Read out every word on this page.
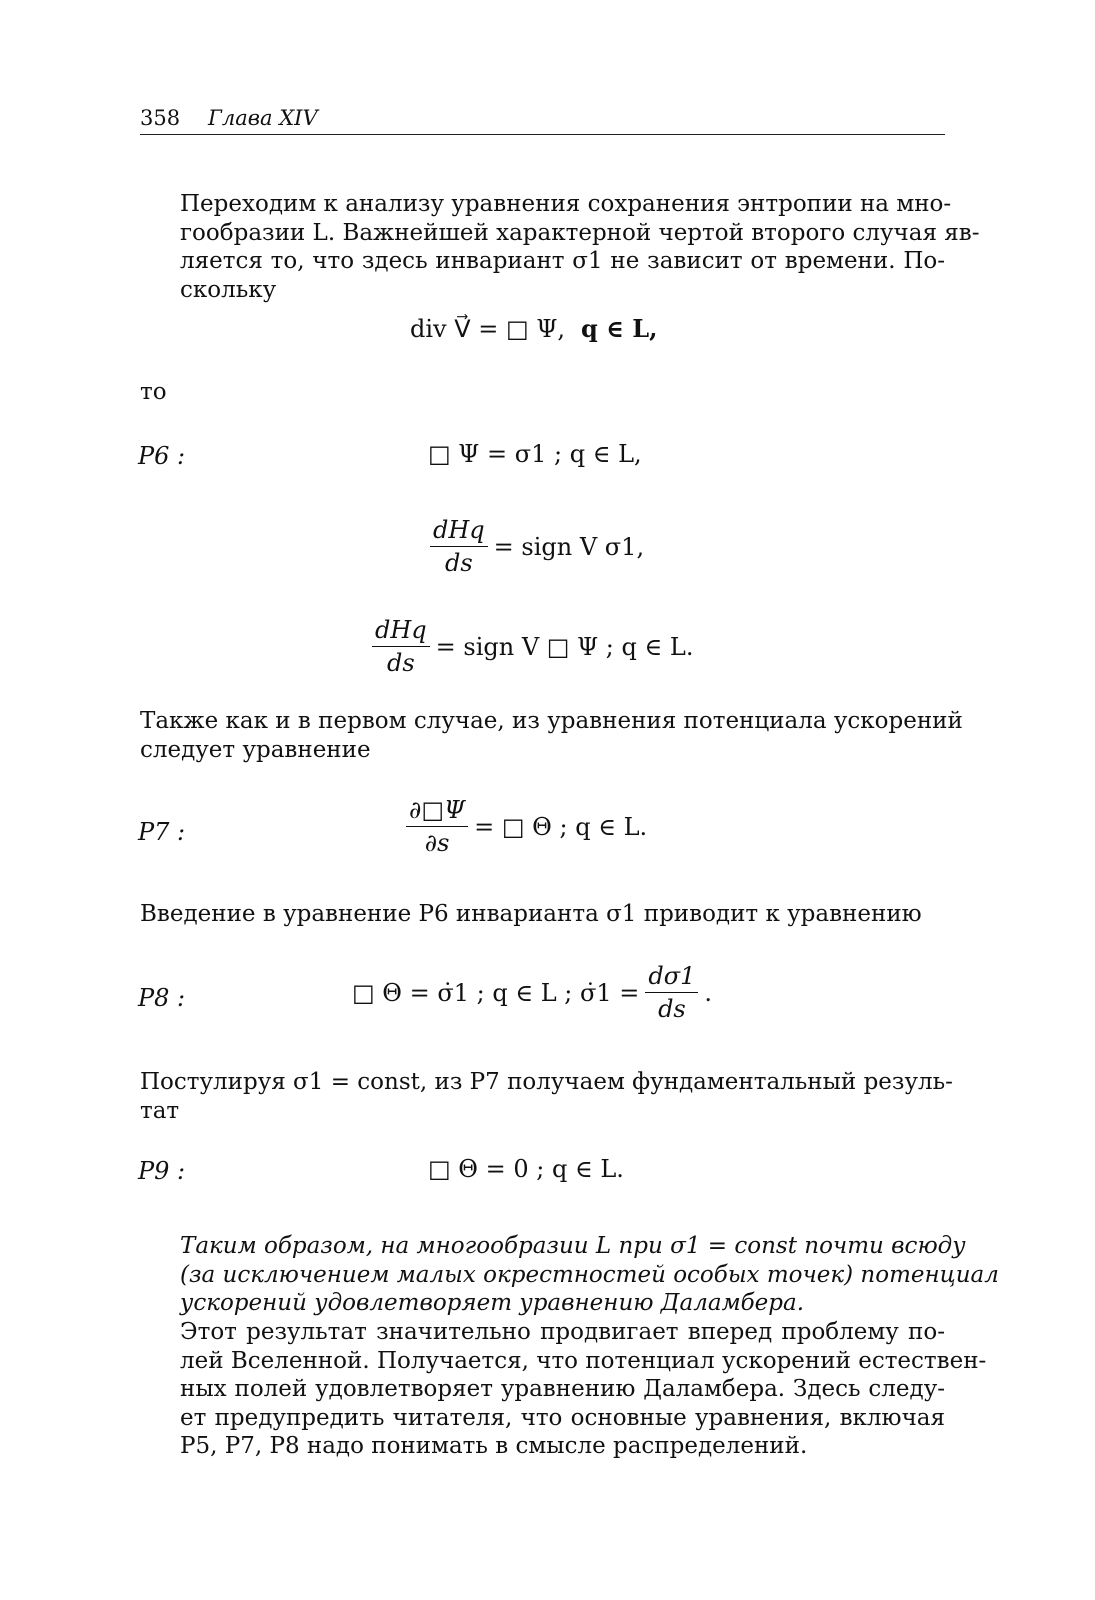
358 Глава XIV

Переходим к анализу уравнения сохранения энтропии на мно-
гообразии L. Важнейшей характерной чертой второго случая яв-
ляется то, что здесь инвариант σ1 не зависит от времени. По-
скольку

div V⃗ = □ Ψ, q ∈ L,
то
P6 :	□ Ψ = σ1 ; q ∈ L,
$\frac{\text{dHq}}{ds}$ = sign V σ1,
$\frac{\text{dHq}}{ds}$ = sign V □ Ψ ; q ∈ L.

Также как и в первом случае, из уравнения потенциала ускорений
следует уравнение

P7 :	$\frac{\partial□\Psi}{\partial s}$ = □ Θ ; q ∈ L.

Введение в уравнение P6 инварианта σ1 приводит к уравнению

P8 :	□ Θ = σ̇1 ; q ∈ L ; σ̇1 = $\frac{d\sigma 1}{ds}$ .

Постулируя σ1 = const, из P7 получаем фундаментальный резуль-
тат

P9 :	□ Θ = 0 ; q ∈ L.

Таким образом, на многообразии L при σ1 = const почти всюду
(за исключением малых окрестностей особых точек) потенциал
ускорений удовлетворяет уравнению Даламбера.

Этот результат значительно продвигает вперед проблему по-
лей Вселенной. Получается, что потенциал ускорений естествен-
ных полей удовлетворяет уравнению Даламбера. Здесь следу-
ет предупредить читателя, что основные уравнения, включая
P5, P7, P8 надо понимать в смысле распределений.
